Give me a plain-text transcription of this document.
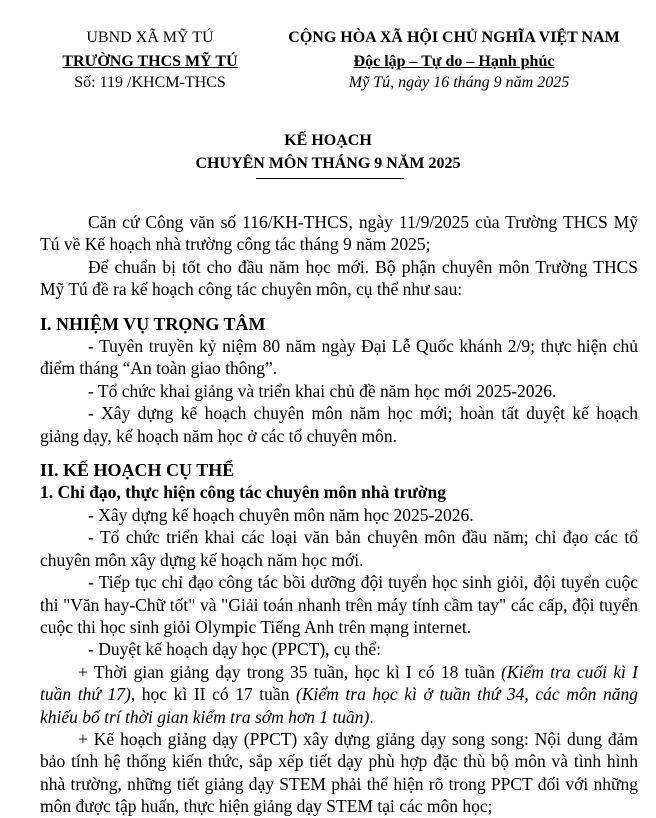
UBND XÃ MỸ TÚ
TRƯỜNG THCS MỸ TÚ
CỘNG HÒA XÃ HỘI CHỦ NGHĨA VIỆT NAM
Độc lập – Tự do – Hạnh phúc
Số: 119 /KHCM-THCS	Mỹ Tú, ngày 16 tháng 9 năm 2025
KẾ HOẠCH
CHUYÊN MÔN THÁNG 9 NĂM 2025

Căn cứ Công văn số 116/KH-THCS, ngày 11/9/2025 của Trường THCS Mỹ Tú về Kế hoạch nhà trường công tác tháng 9 năm 2025;

Để chuẩn bị tốt cho đầu năm học mới. Bộ phận chuyên môn Trường THCS Mỹ Tú đề ra kế hoạch công tác chuyên môn, cụ thể như sau:

I. NHIỆM VỤ TRỌNG TÂM

- Tuyên truyền kỷ niệm 80 năm ngày Đại Lễ Quốc khánh 2/9; thực hiện chủ điểm tháng “An toàn giao thông”.

- Tổ chức khai giảng và triển khai chủ đề năm học mới 2025-2026.

- Xây dựng kế hoạch chuyên môn năm học mới; hoàn tất duyệt kế hoạch giảng dạy, kế hoạch năm học ở các tổ chuyên môn.

II. KẾ HOẠCH CỤ THỂ

1. Chỉ đạo, thực hiện công tác chuyên môn nhà trường

- Xây dựng kế hoạch chuyên môn năm học 2025-2026.

- Tổ chức triển khai các loại văn bản chuyên môn đầu năm; chỉ đạo các tổ chuyên môn xây dựng kế hoạch năm học mới.

- Tiếp tục chỉ đạo công tác bồi dưỡng đội tuyển học sinh giỏi, đội tuyển cuộc thi "Văn hay-Chữ tốt" và "Giải toán nhanh trên máy tính cầm tay" các cấp, đội tuyển cuộc thi học sinh giỏi Olympic Tiếng Anh trên mạng internet.

- Duyệt kế hoạch dạy học (PPCT), cụ thể:

+ Thời gian giảng dạy trong 35 tuần, học kì I có 18 tuần (Kiểm tra cuối kì I tuần thứ 17), học kì II có 17 tuần (Kiểm tra học kì ở tuần thứ 34, các môn năng khiếu bố trí thời gian kiểm tra sớm hơn 1 tuần).

+ Kế hoạch giảng dạy (PPCT) xây dựng giảng dạy song song: Nội dung đảm bảo tính hệ thống kiến thức, sắp xếp tiết dạy phù hợp đặc thù bộ môn và tình hình nhà trường, những tiết giảng dạy STEM phải thể hiện rõ trong PPCT đối với những môn được tập huấn, thực hiện giảng dạy STEM tại các môn học;
